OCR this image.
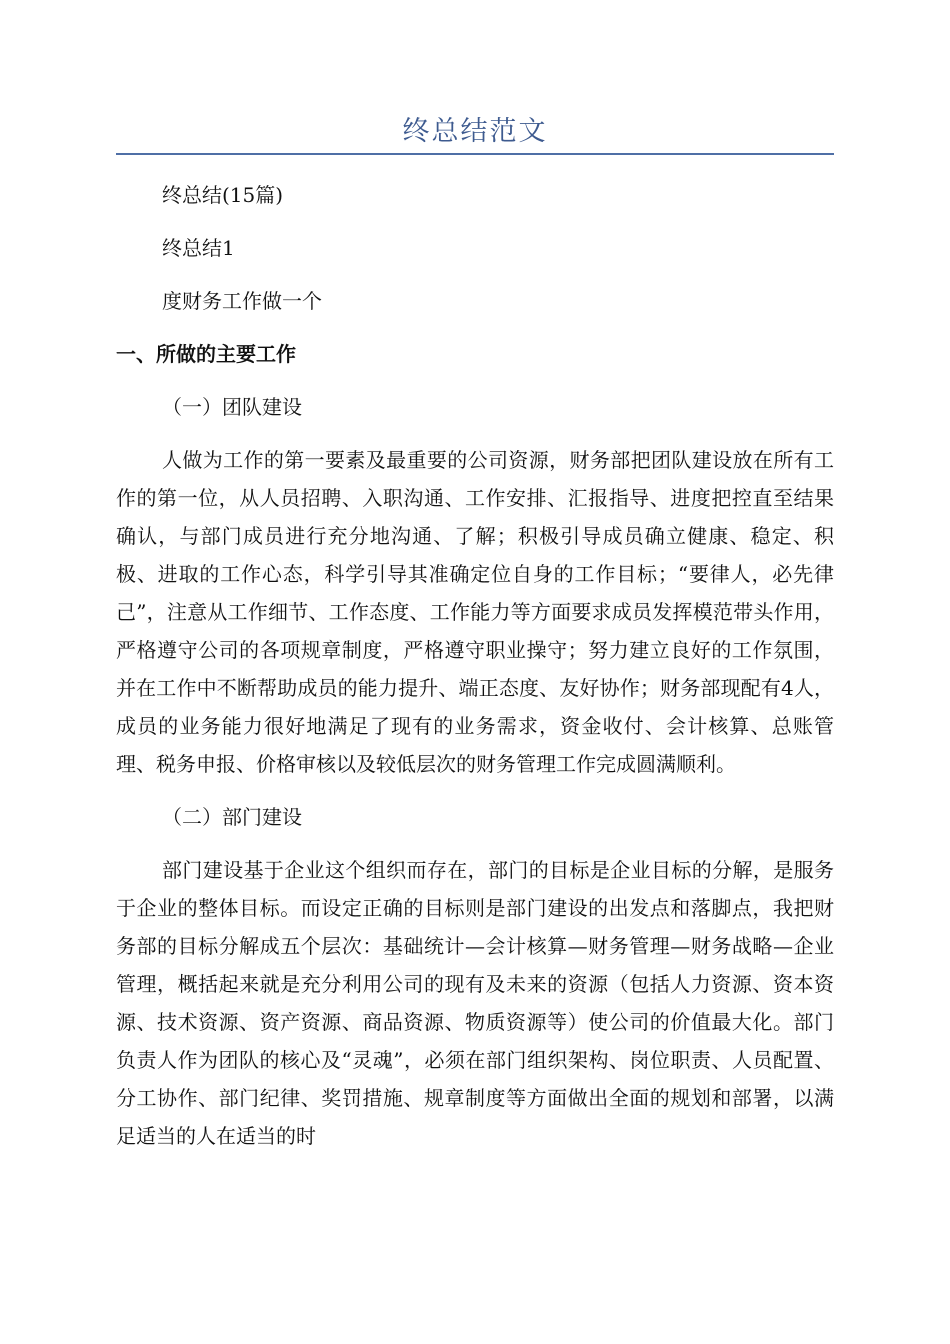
终总结范文

终总结(15篇)

终总结1

度财务工作做一个

一、所做的主要工作

（一）团队建设

人做为工作的第一要素及最重要的公司资源，财务部把团队建设放在所有工作的第一位，从人员招聘、入职沟通、工作安排、汇报指导、进度把控直至结果确认，与部门成员进行充分地沟通、了解；积极引导成员确立健康、稳定、积极、进取的工作心态，科学引导其准确定位自身的工作目标；“要律人，必先律己”，注意从工作细节、工作态度、工作能力等方面要求成员发挥模范带头作用，严格遵守公司的各项规章制度，严格遵守职业操守；努力建立良好的工作氛围，并在工作中不断帮助成员的能力提升、端正态度、友好协作；财务部现配有4人，成员的业务能力很好地满足了现有的业务需求，资金收付、会计核算、总账管理、税务申报、价格审核以及较低层次的财务管理工作完成圆满顺利。

（二）部门建设

部门建设基于企业这个组织而存在，部门的目标是企业目标的分解，是服务于企业的整体目标。而设定正确的目标则是部门建设的出发点和落脚点，我把财务部的目标分解成五个层次：基础统计—会计核算—财务管理—财务战略—企业管理，概括起来就是充分利用公司的现有及未来的资源（包括人力资源、资本资源、技术资源、资产资源、商品资源、物质资源等）使公司的价值最大化。部门负责人作为团队的核心及“灵魂”，必须在部门组织架构、岗位职责、人员配置、分工协作、部门纪律、奖罚措施、规章制度等方面做出全面的规划和部署，以满足适当的人在适当的时
